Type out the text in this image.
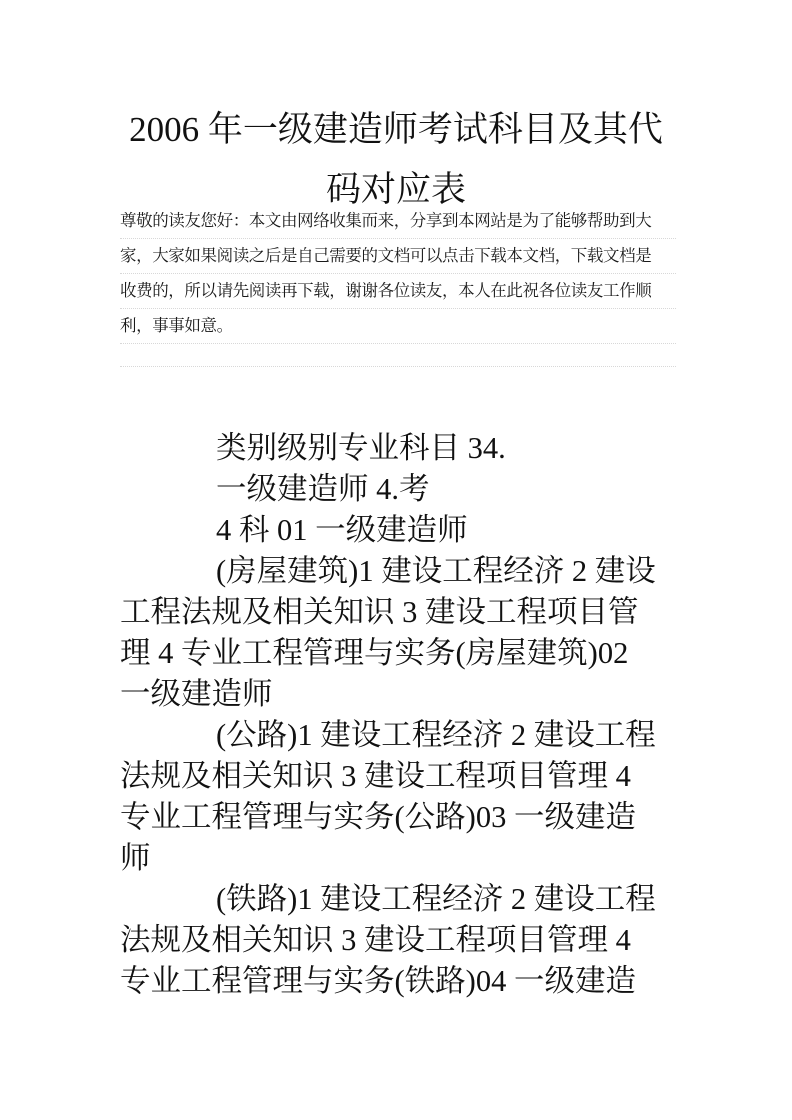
2006 年一级建造师考试科目及其代
码对应表
尊敬的读友您好：本文由网络收集而来，分享到本网站是为了能够帮助到大
家，大家如果阅读之后是自己需要的文档可以点击下载本文档，下载文档是
收费的，所以请先阅读再下载，谢谢各位读友，本人在此祝各位读友工作顺
利，事事如意。
类别级别专业科目 34.
一级建造师 4.考
4 科 01 一级建造师
(房屋建筑)1 建设工程经济 2 建设
工程法规及相关知识 3 建设工程项目管
理 4 专业工程管理与实务(房屋建筑)02
一级建造师
(公路)1 建设工程经济 2 建设工程
法规及相关知识 3 建设工程项目管理 4
专业工程管理与实务(公路)03 一级建造
师
(铁路)1 建设工程经济 2 建设工程
法规及相关知识 3 建设工程项目管理 4
专业工程管理与实务(铁路)04 一级建造
